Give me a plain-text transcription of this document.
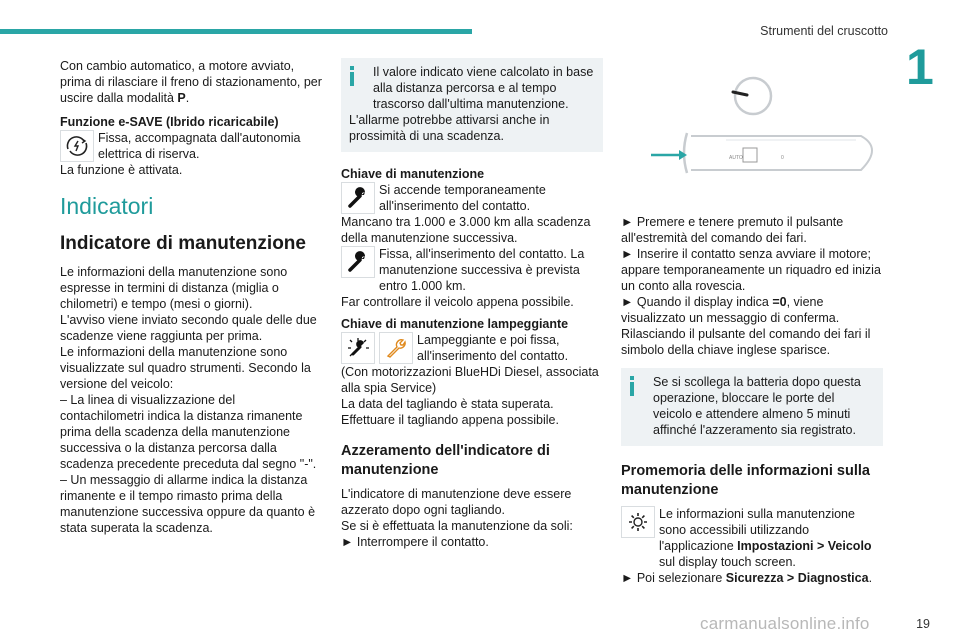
Strumenti del cruscotto
1

Con cambio automatico, a motore avviato, prima di rilasciare il freno di stazionamento, per uscire dalla modalità P.

Funzione e-SAVE (Ibrido ricaricabile)

Fissa, accompagnata dall'autonomia elettrica di riserva.

La funzione è attivata.

Indicatori

Indicatore di manutenzione

Le informazioni della manutenzione sono espresse in termini di distanza (miglia o chilometri) e tempo (mesi o giorni).

L'avviso viene inviato secondo quale delle due scadenze viene raggiunta per prima.

Le informazioni della manutenzione sono visualizzate sul quadro strumenti. Secondo la versione del veicolo:

– La linea di visualizzazione del contachilometri indica la distanza rimanente prima della scadenza della manutenzione successiva o la distanza percorsa dalla scadenza precedente preceduta dal segno "-".

– Un messaggio di allarme indica la distanza rimanente e il tempo rimasto prima della manutenzione successiva oppure da quanto è stata superata la scadenza.

Il valore indicato viene calcolato in base alla distanza percorsa e al tempo trascorso dall'ultima manutenzione.

L'allarme potrebbe attivarsi anche in prossimità di una scadenza.

Chiave di manutenzione

Si accende temporaneamente all'inserimento del contatto.

Mancano tra 1.000 e 3.000 km alla scadenza della manutenzione successiva.

Fissa, all'inserimento del contatto. La manutenzione successiva è prevista entro 1.000 km.

Far controllare il veicolo appena possibile.

Chiave di manutenzione lampeggiante

Lampeggiante e poi fissa, all'inserimento del contatto.

(Con motorizzazioni BlueHDi Diesel, associata alla spia Service)

La data del tagliando è stata superata.

Effettuare il tagliando appena possibile.

Azzeramento dell'indicatore di manutenzione

L'indicatore di manutenzione deve essere azzerato dopo ogni tagliando.

Se si è effettuata la manutenzione da soli:

► Interrompere il contatto.

AUTO	0

► Premere e tenere premuto il pulsante all'estremità del comando dei fari.

► Inserire il contatto senza avviare il motore; appare temporaneamente un riquadro ed inizia un conto alla rovescia.

► Quando il display indica =0, viene visualizzato un messaggio di conferma.

Rilasciando il pulsante del comando dei fari il simbolo della chiave inglese sparisce.

Se si scollega la batteria dopo questa operazione, bloccare le porte del veicolo e attendere almeno 5 minuti affinché l'azzeramento sia registrato.

Promemoria delle informazioni sulla manutenzione

Le informazioni sulla manutenzione sono accessibili utilizzando l'applicazione Impostazioni > Veicolo sul display touch screen.

► Poi selezionare Sicurezza > Diagnostica.

carmanualsonline.info	19
